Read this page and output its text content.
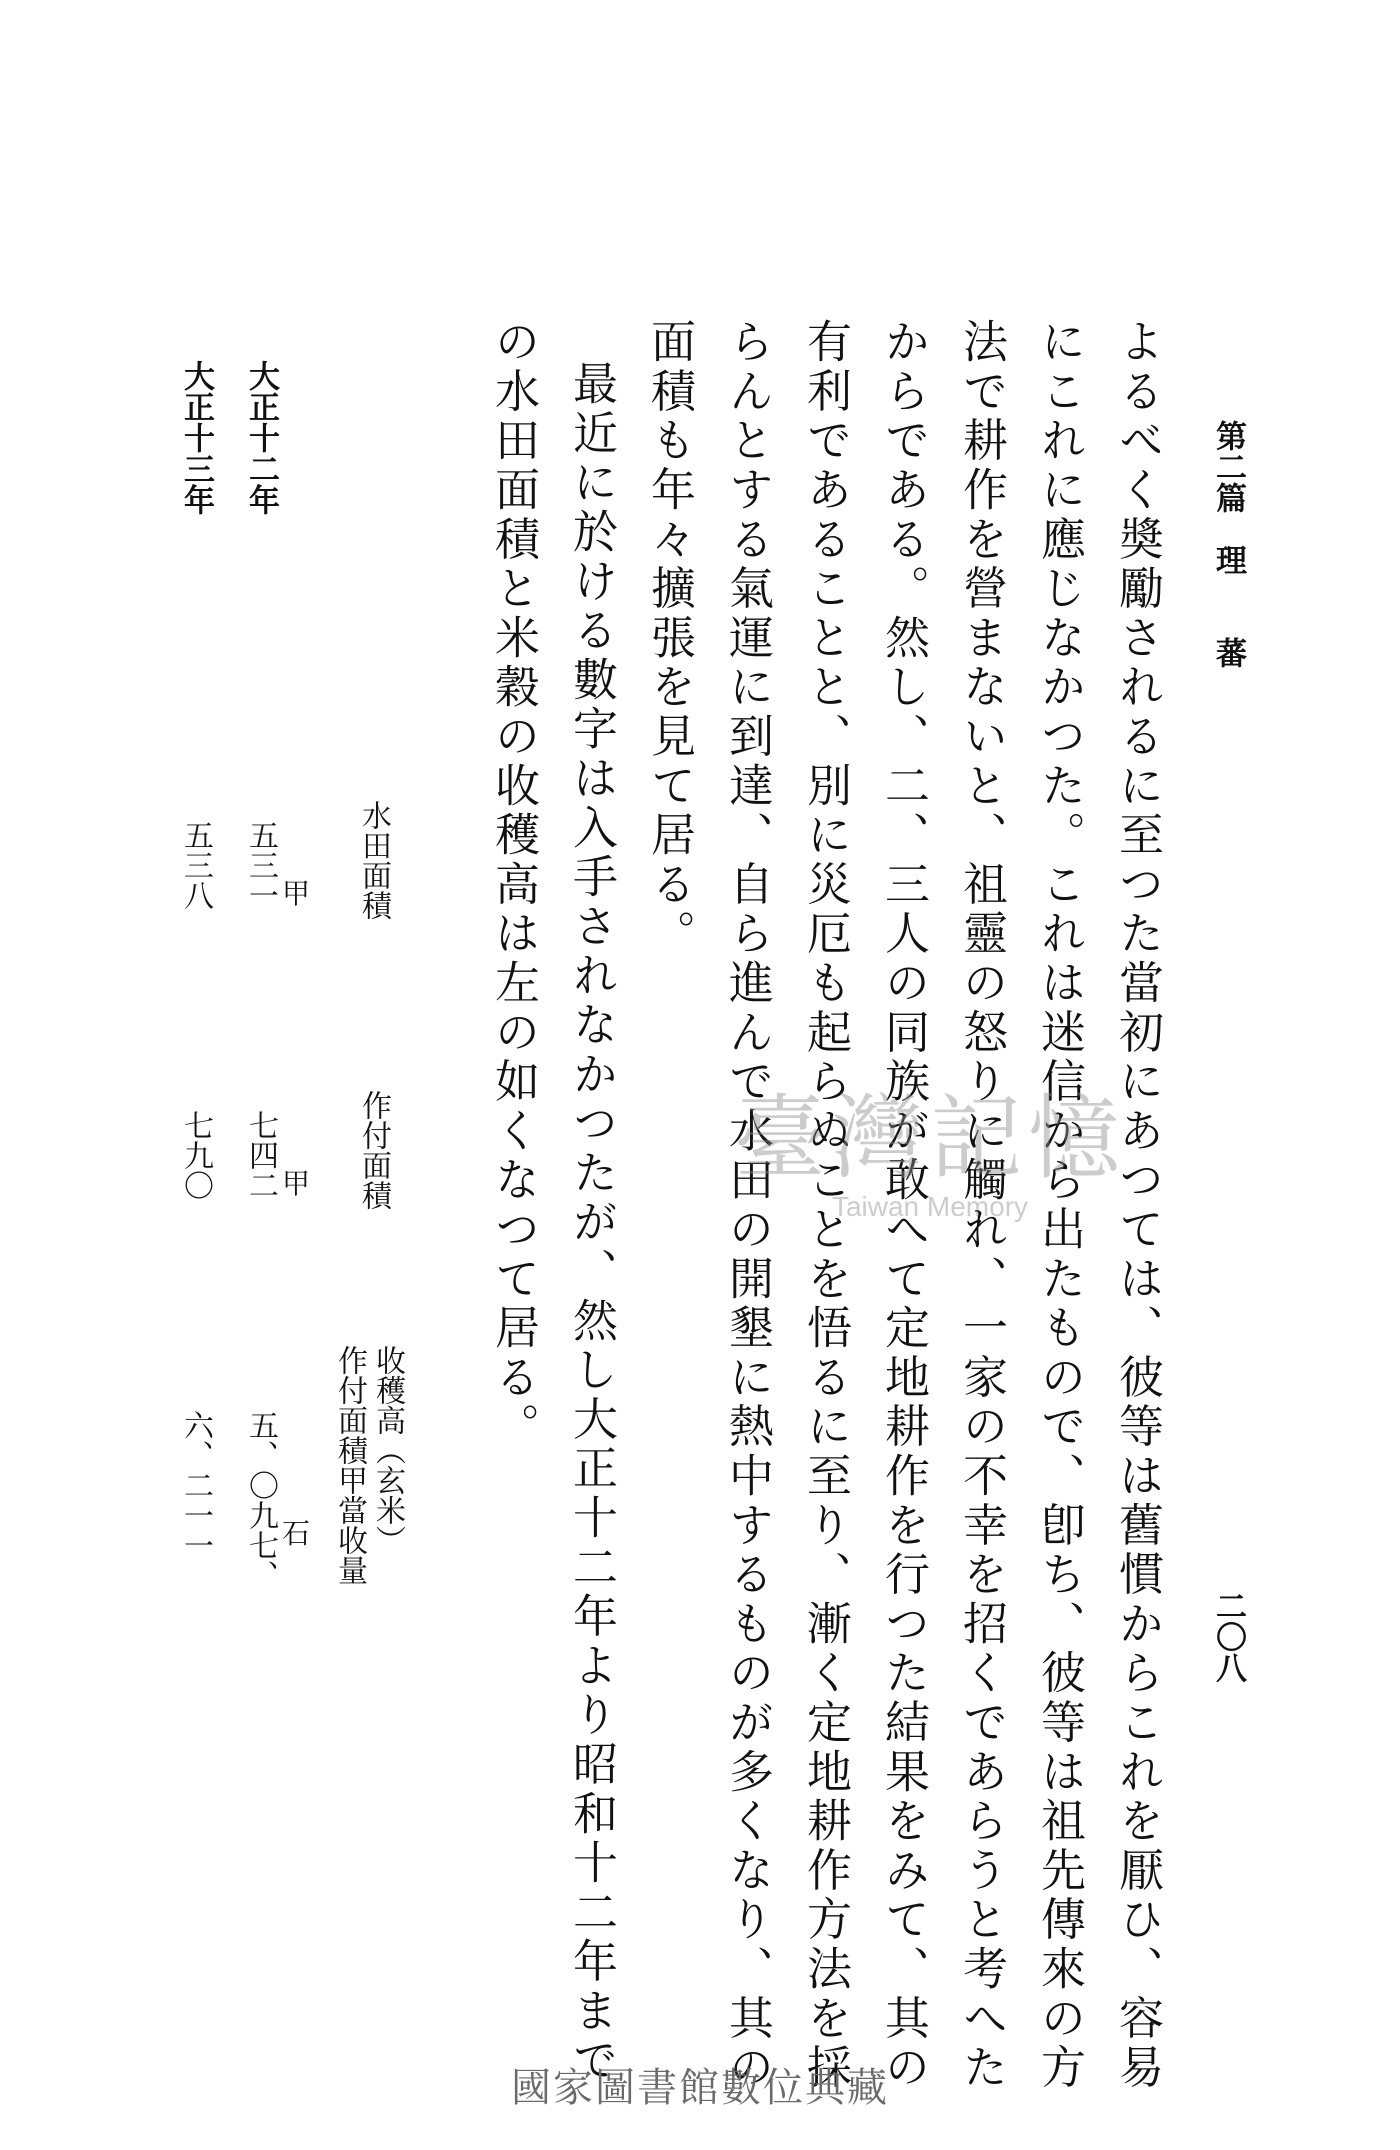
第二篇　理　　蕃
二〇八
よるべく奬勵されるに至つた當初にあつては、彼等は舊慣からこれを厭ひ、容易
にこれに應じなかつた。これは迷信から出たもので、卽ち、彼等は祖先傳來の方
法で耕作を營まないと、祖靈の怒りに觸れ、一家の不幸を招くであらうと考へた
からである。然し、二、三人の同族が敢へて定地耕作を行つた結果をみて、其の
有利であることと、別に災厄も起らぬことを悟るに至り、漸く定地耕作方法を採
らんとする氣運に到達、自ら進んで水田の開墾に熱中するものが多くなり、其の
面積も年々擴張を見て居る。
最近に於ける數字は入手されなかつたが、然し大正十二年より昭和十二年まで
の水田面積と米穀の收穫高は左の如くなつて居る。
水田面積
作付面積
收穫高（玄米）
作付面積甲當收量
大正十二年
五三一 甲
七四二 甲
五、〇九七、 石
大正十三年
五三八
七九〇
六、二一一
臺灣記憶
Taiwan Memory
國家圖書館數位典藏
